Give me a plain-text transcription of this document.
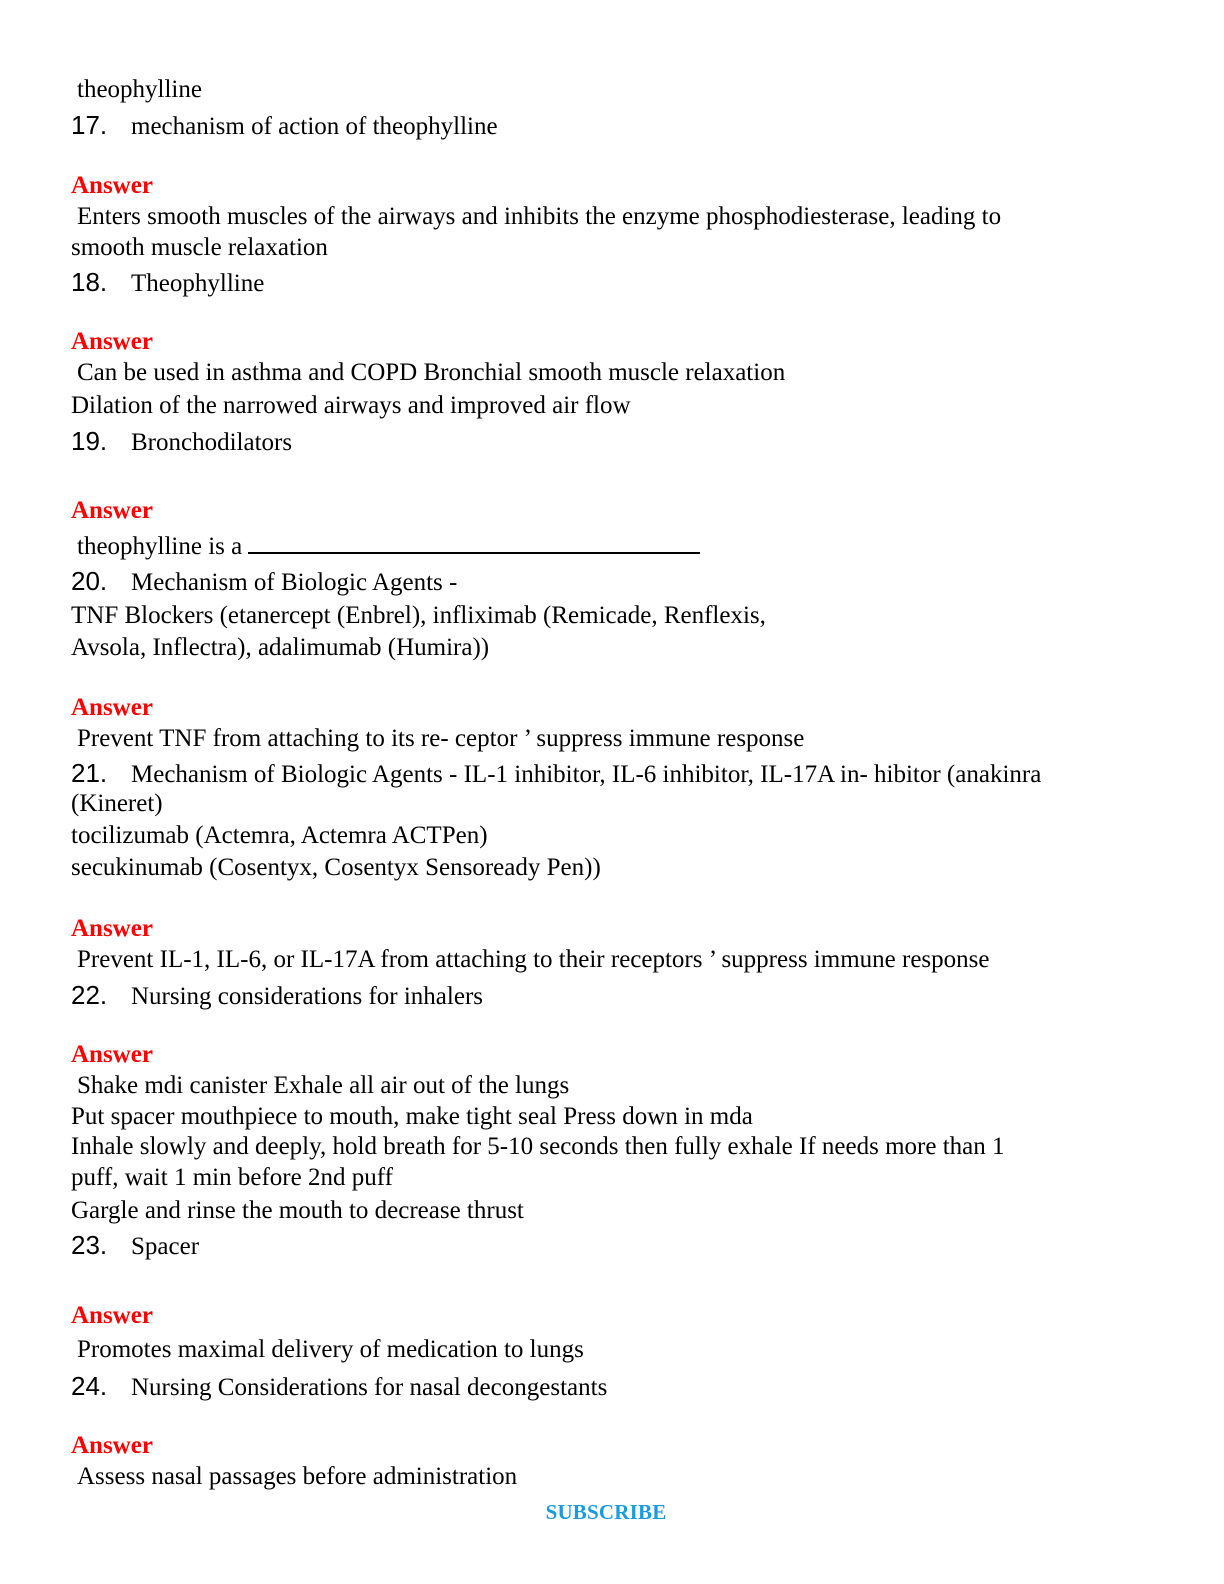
theophylline

17. mechanism of action of theophylline

Answer

Enters smooth muscles of the airways and inhibits the enzyme phosphodiesterase, leading to

smooth muscle relaxation

18. Theophylline

Answer

Can be used in asthma and COPD Bronchial smooth muscle relaxation

Dilation of the narrowed airways and improved air flow

19. Bronchodilators

Answer

theophylline is a

20. Mechanism of Biologic Agents -

TNF Blockers (etanercept (Enbrel), infliximab (Remicade, Renflexis,

Avsola, Inflectra), adalimumab (Humira))

Answer

Prevent TNF from attaching to its re- ceptor ’ suppress immune response

21. Mechanism of Biologic Agents - IL-1 inhibitor, IL-6 inhibitor, IL-17A in- hibitor (anakinra

(Kineret)

tocilizumab (Actemra, Actemra ACTPen)

secukinumab (Cosentyx, Cosentyx Sensoready Pen))

Answer

Prevent IL-1, IL-6, or IL-17A from attaching to their receptors ’ suppress immune response

22. Nursing considerations for inhalers

Answer

Shake mdi canister Exhale all air out of the lungs

Put spacer mouthpiece to mouth, make tight seal Press down in mda

Inhale slowly and deeply, hold breath for 5-10 seconds then fully exhale If needs more than 1

puff, wait 1 min before 2nd puff

Gargle and rinse the mouth to decrease thrust

23. Spacer

Answer

Promotes maximal delivery of medication to lungs

24. Nursing Considerations for nasal decongestants

Answer

Assess nasal passages before administration

SUBSCRIBE
